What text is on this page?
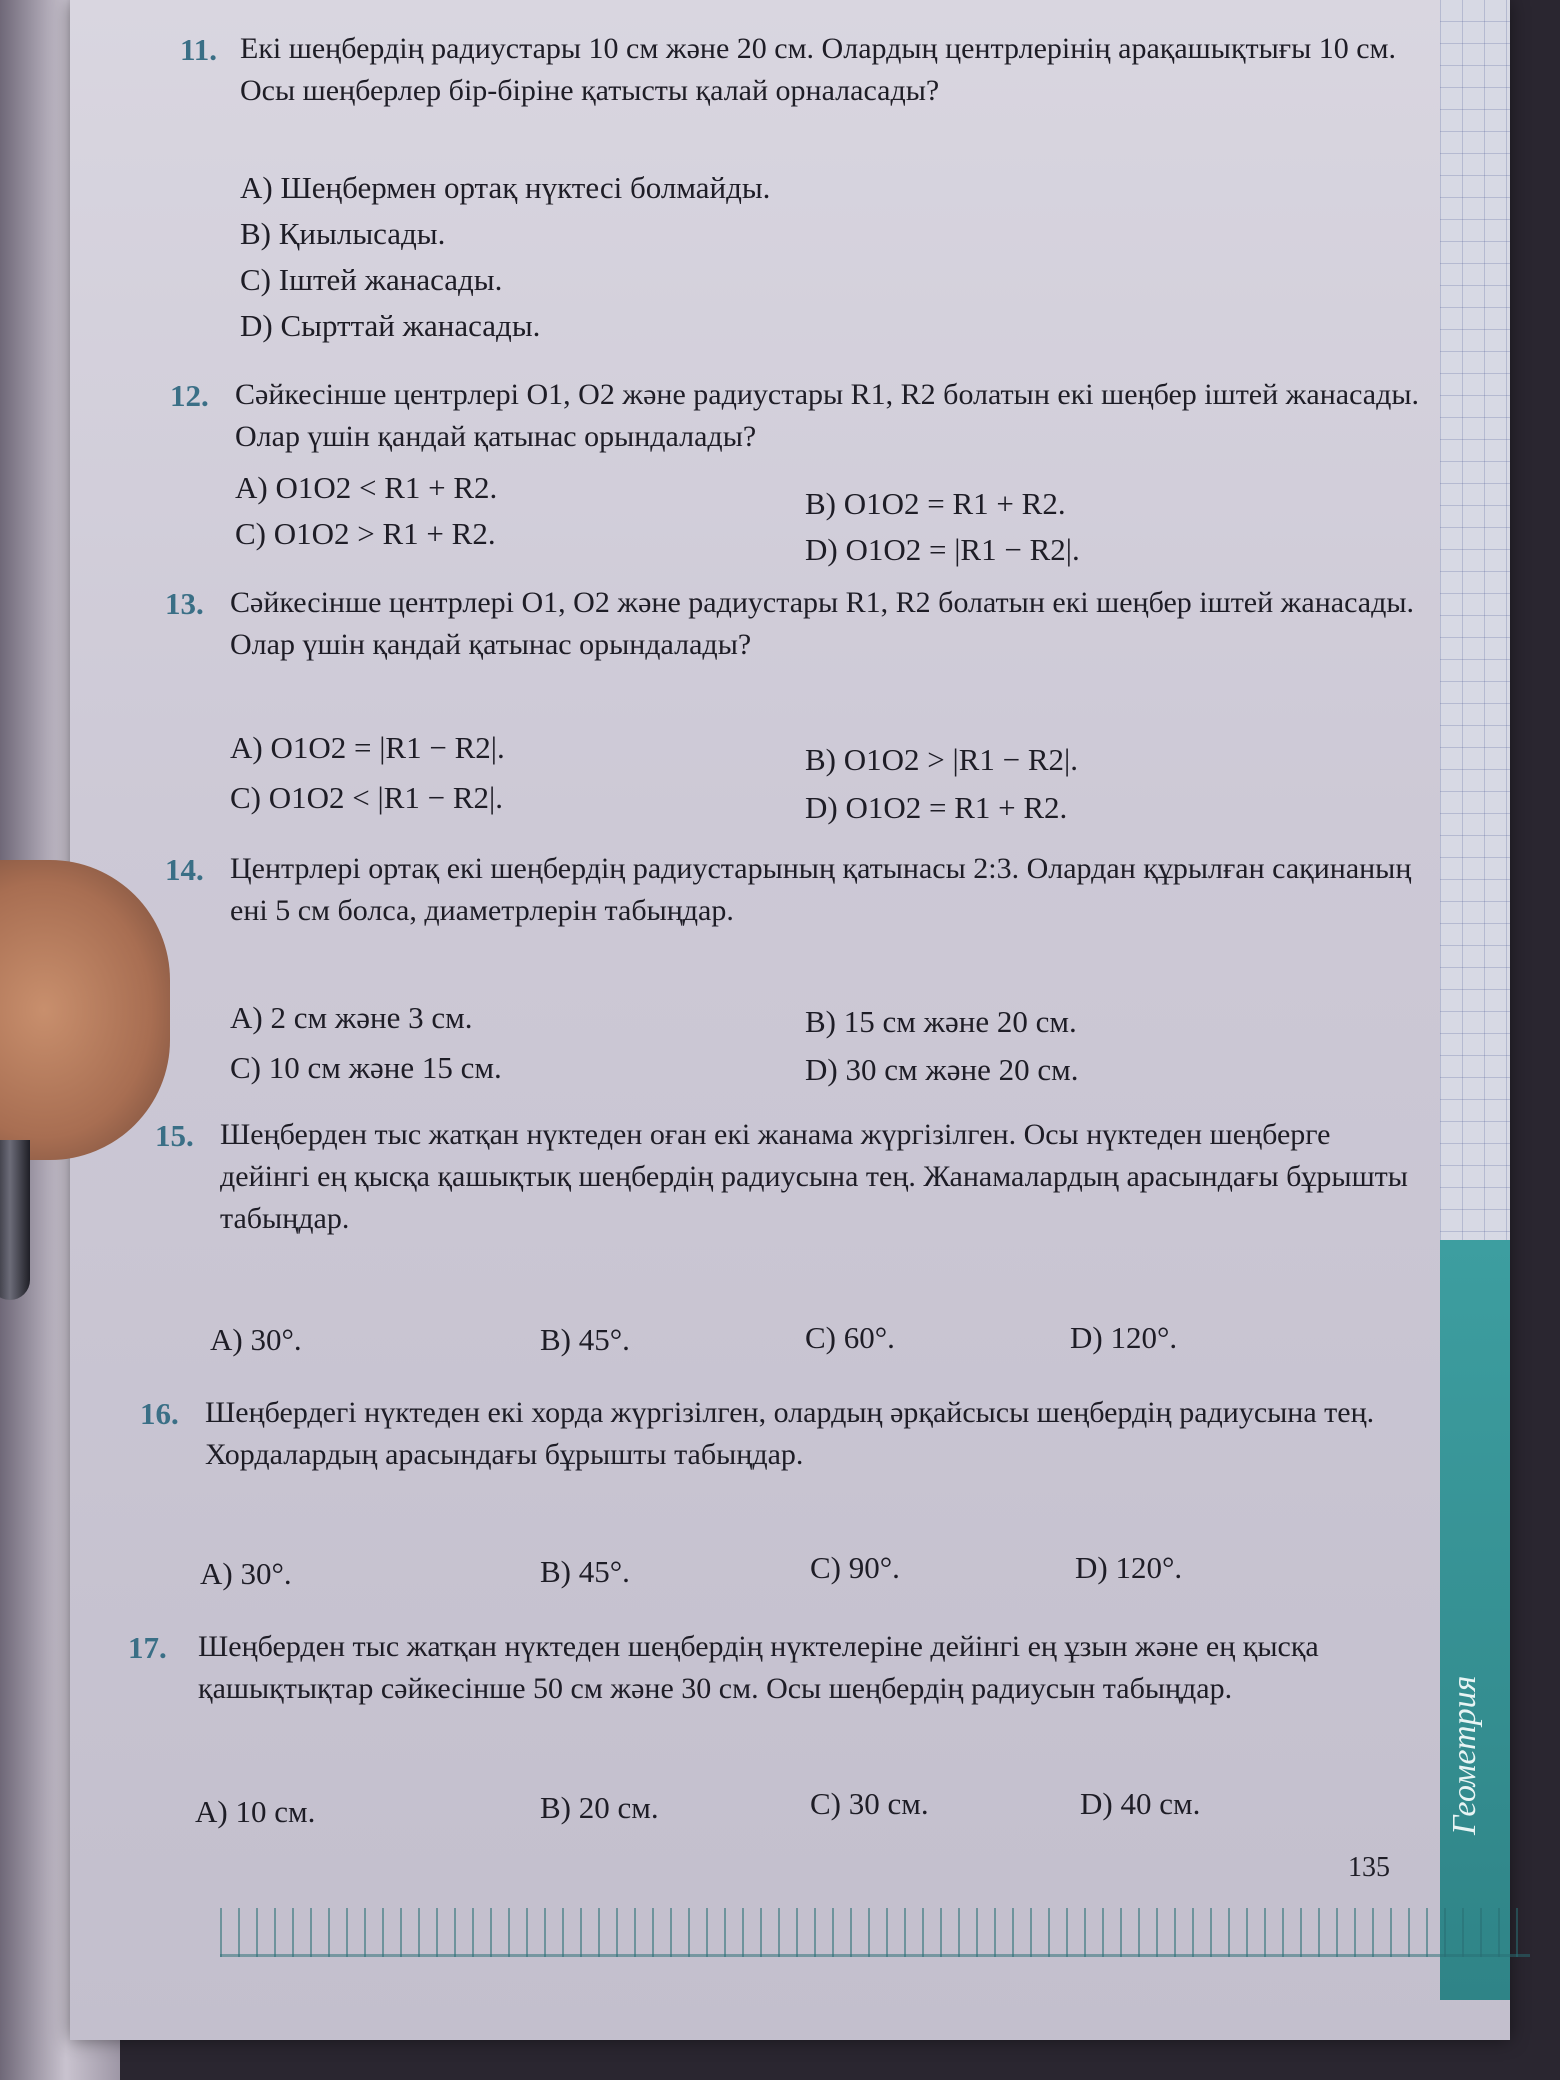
Геометрия
11. Екі шеңбердің радиустары 10 см және 20 см. Олардың центрлерінің арақашықтығы 10 см. Осы шеңберлер бір-біріне қатысты қалай орналасады?
A) Шеңбермен ортақ нүктесі болмайды.
B) Қиылысады.
C) Іштей жанасады.
D) Сырттай жанасады.
12. Сәйкесінше центрлері O1, O2 және радиустары R1, R2 болатын екі шеңбер іштей жанасады. Олар үшін қандай қатынас орындалады?
A) O1O2 < R1 + R2.	B) O1O2 = R1 + R2.
C) O1O2 > R1 + R2.	D) O1O2 = |R1 − R2|.
13. Сәйкесінше центрлері O1, O2 және радиустары R1, R2 болатын екі шеңбер іштей жанасады. Олар үшін қандай қатынас орындалады?
A) O1O2 = |R1 − R2|.	B) O1O2 > |R1 − R2|.
C) O1O2 < |R1 − R2|.	D) O1O2 = R1 + R2.
14. Центрлері ортақ екі шеңбердің радиустарының қатынасы 2:3. Олардан құрылған сақинаның ені 5 см болса, диаметрлерін табыңдар.
A) 2 см және 3 см.	B) 15 см және 20 см.
C) 10 см және 15 см.	D) 30 см және 20 см.
15. Шеңберден тыс жатқан нүктеден оған екі жанама жүргізілген. Осы нүктеден шеңберге дейінгі ең қысқа қашықтық шеңбердің радиусына тең. Жанамалардың арасындағы бұрышты табыңдар.
A) 30°.	B) 45°.	C) 60°.	D) 120°.
16. Шеңбердегі нүктеден екі хорда жүргізілген, олардың әрқайсысы шеңбердің радиусына тең. Хордалардың арасындағы бұрышты табыңдар.
A) 30°.	B) 45°.	C) 90°.	D) 120°.
17. Шеңберден тыс жатқан нүктеден шеңбердің нүктелеріне дейінгі ең ұзын және ең қысқа қашықтықтар сәйкесінше 50 см және 30 см. Осы шеңбердің радиусын табыңдар.
A) 10 см.	B) 20 см.	C) 30 см.	D) 40 см.
135
